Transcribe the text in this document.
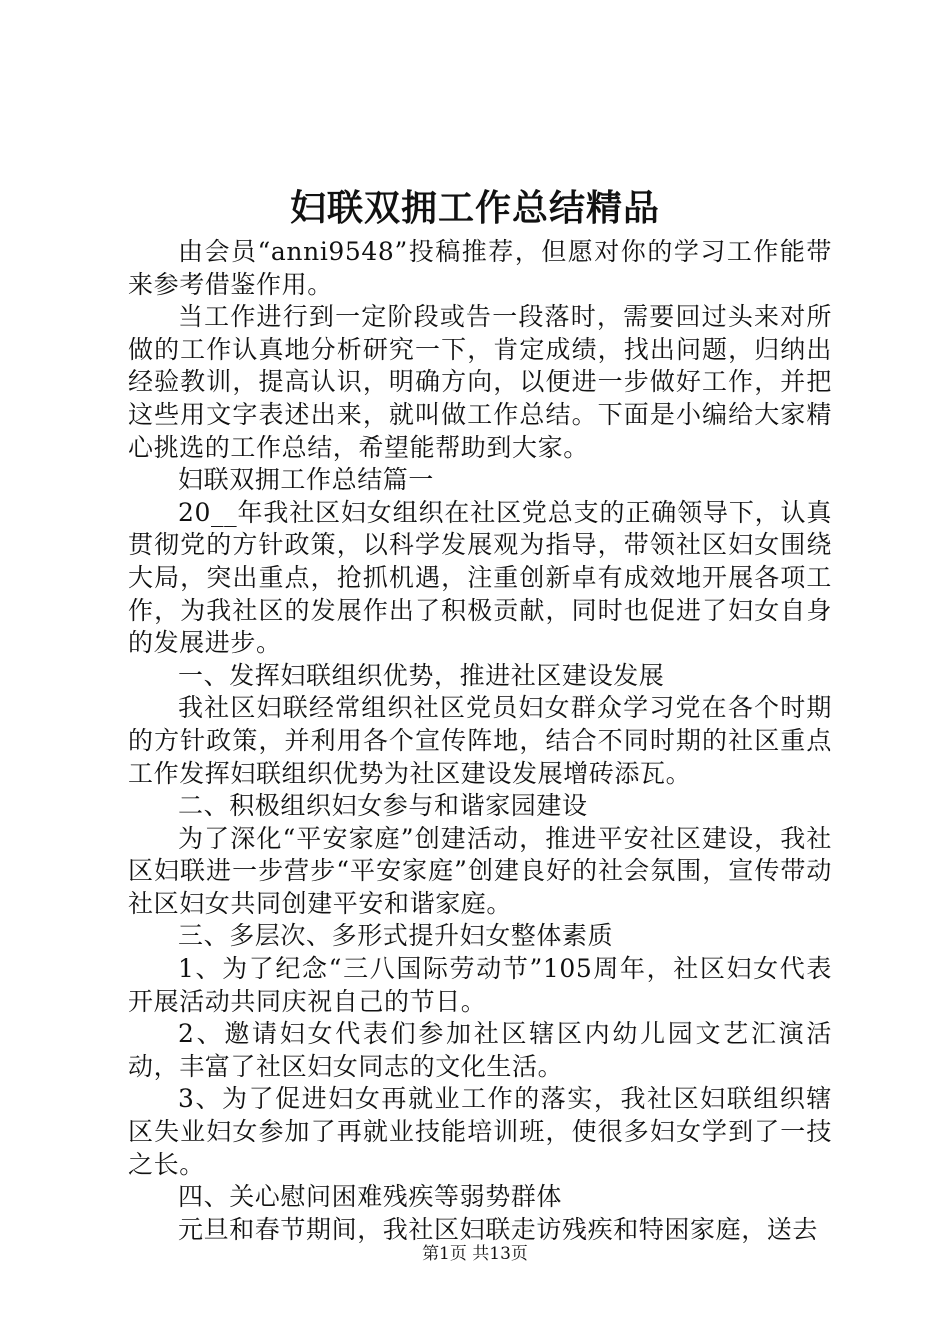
妇联双拥工作总结精品

由会员“anni9548”投稿推荐，但愿对你的学习工作能带来参考借鉴作用。

当工作进行到一定阶段或告一段落时，需要回过头来对所做的工作认真地分析研究一下，肯定成绩，找出问题，归纳出经验教训，提高认识，明确方向，以便进一步做好工作，并把这些用文字表述出来，就叫做工作总结。下面是小编给大家精心挑选的工作总结，希望能帮助到大家。

妇联双拥工作总结篇一

20__年我社区妇女组织在社区党总支的正确领导下，认真贯彻党的方针政策，以科学发展观为指导，带领社区妇女围绕大局，突出重点，抢抓机遇，注重创新卓有成效地开展各项工作，为我社区的发展作出了积极贡献，同时也促进了妇女自身的发展进步。

一、发挥妇联组织优势，推进社区建设发展

我社区妇联经常组织社区党员妇女群众学习党在各个时期的方针政策，并利用各个宣传阵地，结合不同时期的社区重点工作发挥妇联组织优势为社区建设发展增砖添瓦。

二、积极组织妇女参与和谐家园建设

为了深化“平安家庭”创建活动，推进平安社区建设，我社区妇联进一步营步“平安家庭”创建良好的社会氛围，宣传带动社区妇女共同创建平安和谐家庭。

三、多层次、多形式提升妇女整体素质

1、为了纪念“三八国际劳动节”105周年，社区妇女代表开展活动共同庆祝自己的节日。

2、邀请妇女代表们参加社区辖区内幼儿园文艺汇演活动，丰富了社区妇女同志的文化生活。

3、为了促进妇女再就业工作的落实，我社区妇联组织辖区失业妇女参加了再就业技能培训班，使很多妇女学到了一技之长。

四、关心慰问困难残疾等弱势群体

元旦和春节期间，我社区妇联走访残疾和特困家庭，送去

第1页 共13页
